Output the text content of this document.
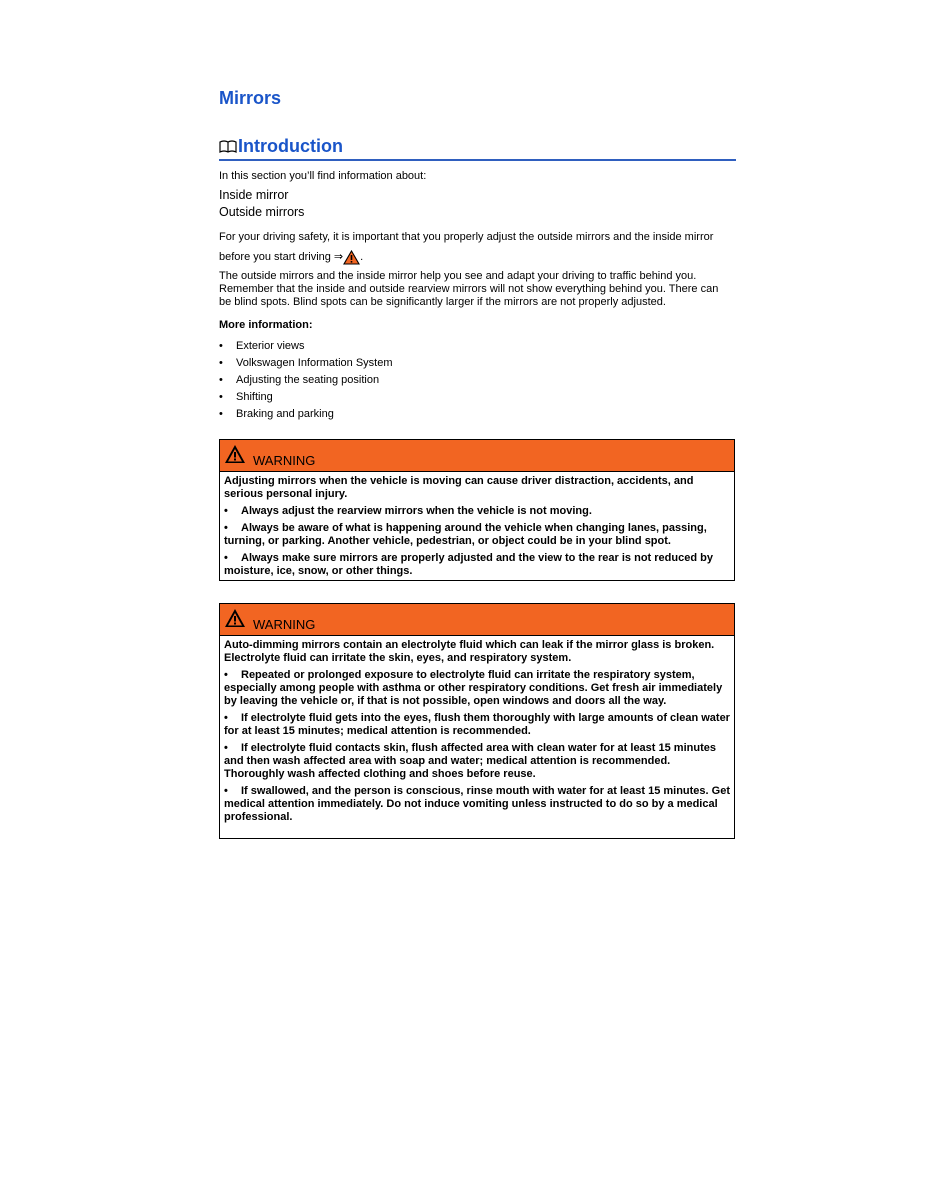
Mirrors
Introduction
In this section you’ll find information about:
Inside mirror
Outside mirrors
For your driving safety, it is important that you properly adjust the outside mirrors and the inside mirror
before you start driving ⇒ .
The outside mirrors and the inside mirror help you see and adapt your driving to traffic behind you. Remember that the inside and outside rearview mirrors will not show everything behind you. There can be blind spots. Blind spots can be significantly larger if the mirrors are not properly adjusted.
More information:
•	Exterior views
•	Volkswagen Information System
•	Adjusting the seating position
•	Shifting
•	Braking and parking
WARNING

Adjusting mirrors when the vehicle is moving can cause driver distraction, accidents, and serious personal injury.

• Always adjust the rearview mirrors when the vehicle is not moving.

• Always be aware of what is happening around the vehicle when changing lanes, passing, turning, or parking. Another vehicle, pedestrian, or object could be in your blind spot.

• Always make sure mirrors are properly adjusted and the view to the rear is not reduced by moisture, ice, snow, or other things.

WARNING

Auto-dimming mirrors contain an electrolyte fluid which can leak if the mirror glass is broken. Electrolyte fluid can irritate the skin, eyes, and respiratory system.

• Repeated or prolonged exposure to electrolyte fluid can irritate the respiratory system, especially among people with asthma or other respiratory conditions. Get fresh air immediately by leaving the vehicle or, if that is not possible, open windows and doors all the way.

• If electrolyte fluid gets into the eyes, flush them thoroughly with large amounts of clean water for at least 15 minutes; medical attention is recommended.

• If electrolyte fluid contacts skin, flush affected area with clean water for at least 15 minutes and then wash affected area with soap and water; medical attention is recommended. Thoroughly wash affected clothing and shoes before reuse.

• If swallowed, and the person is conscious, rinse mouth with water for at least 15 minutes. Get medical attention immediately. Do not induce vomiting unless instructed to do so by a medical professional.
